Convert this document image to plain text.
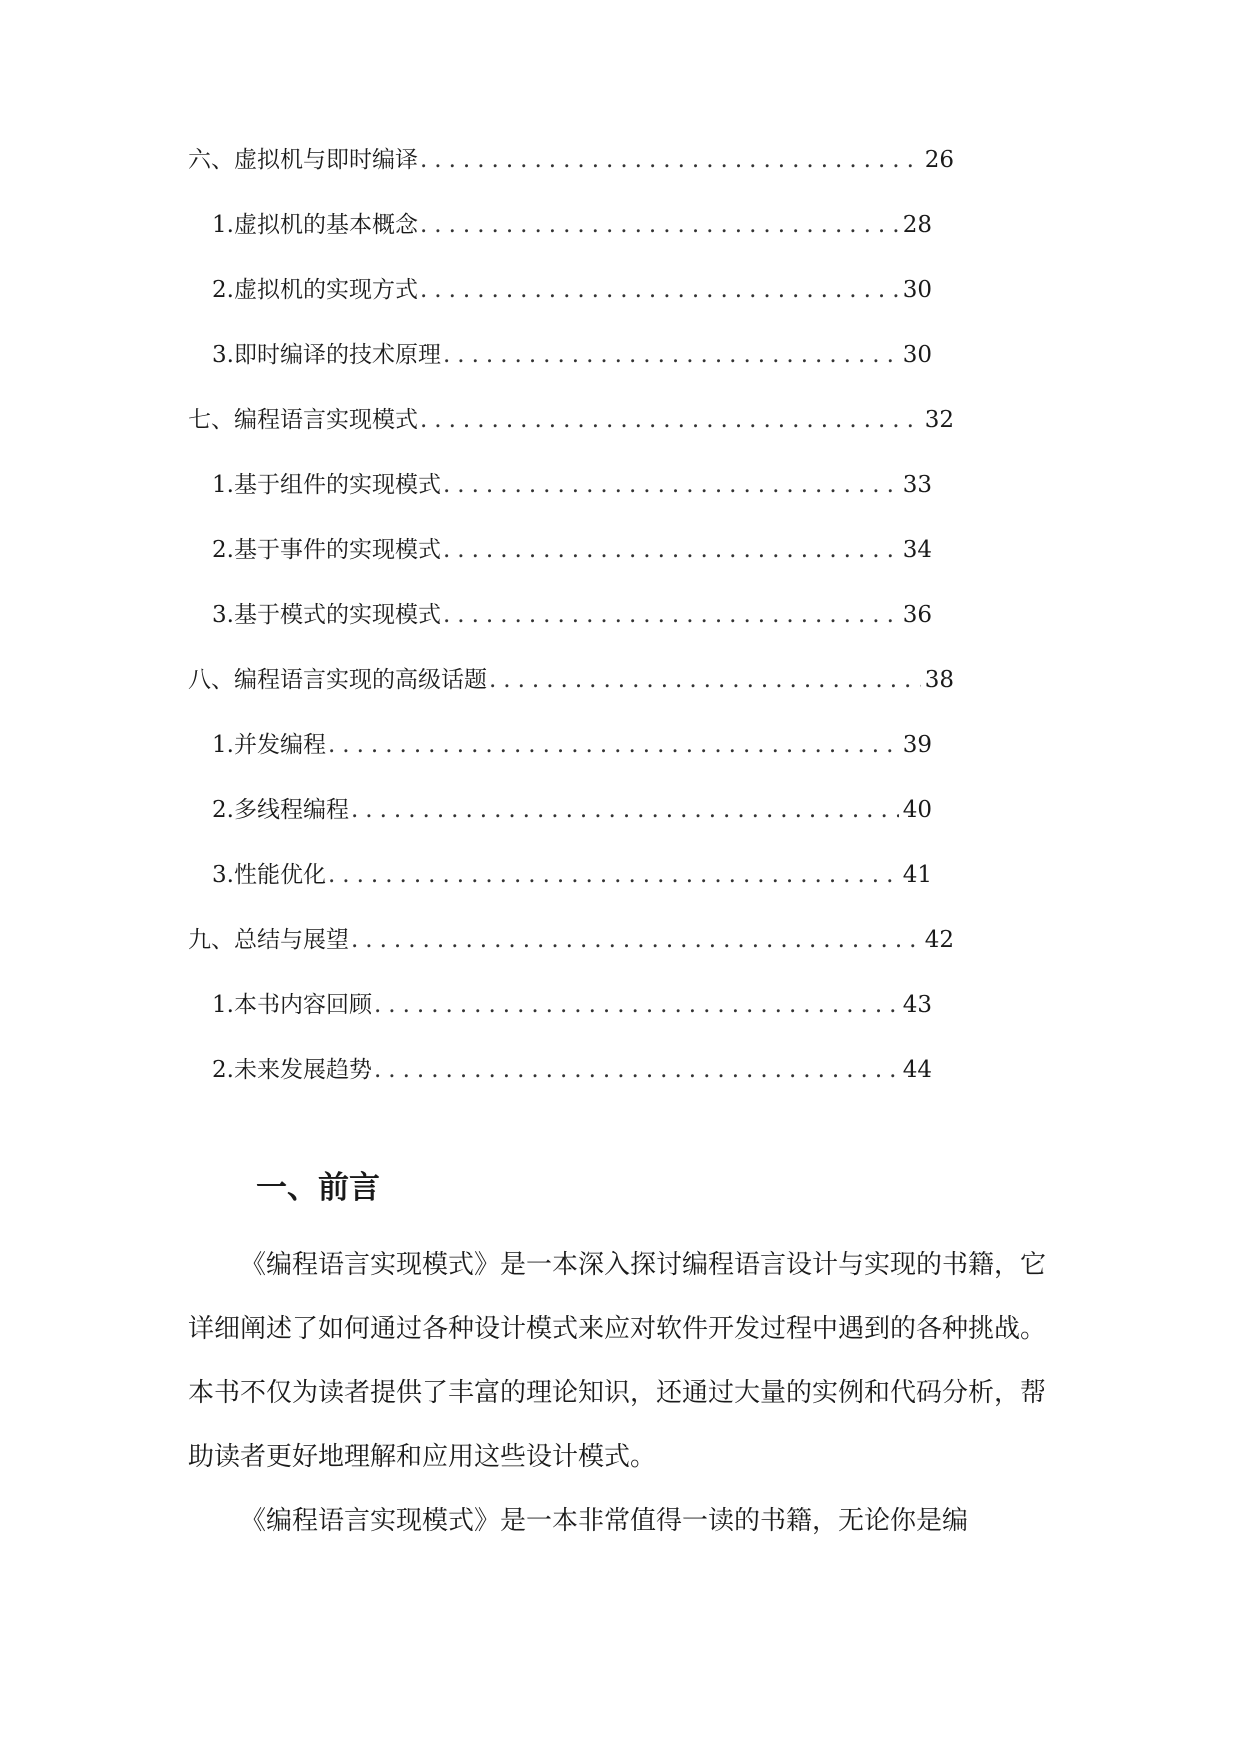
六、虚拟机与即时编译 .....	26
1. 虚拟机的基本概念 .....	28
2. 虚拟机的实现方式 .....	30
3. 即时编译的技术原理 .....	30
七、编程语言实现模式 .....	32
1. 基于组件的实现模式 .....	33
2. 基于事件的实现模式 .....	34
3. 基于模式的实现模式 .....	36
八、编程语言实现的高级话题 .....	38
1. 并发编程 .....	39
2. 多线程编程 .....	40
3. 性能优化 .....	41
九、总结与展望 .....	42
1. 本书内容回顾 .....	43
2. 未来发展趋势 .....	44
一、前言

《编程语言实现模式》是一本深入探讨编程语言设计与实现的书籍，它详细阐述了如何通过各种设计模式来应对软件开发过程中遇到的各种挑战。本书不仅为读者提供了丰富的理论知识，还通过大量的实例和代码分析，帮助读者更好地理解和应用这些设计模式。

《编程语言实现模式》是一本非常值得一读的书籍，无论你是编
